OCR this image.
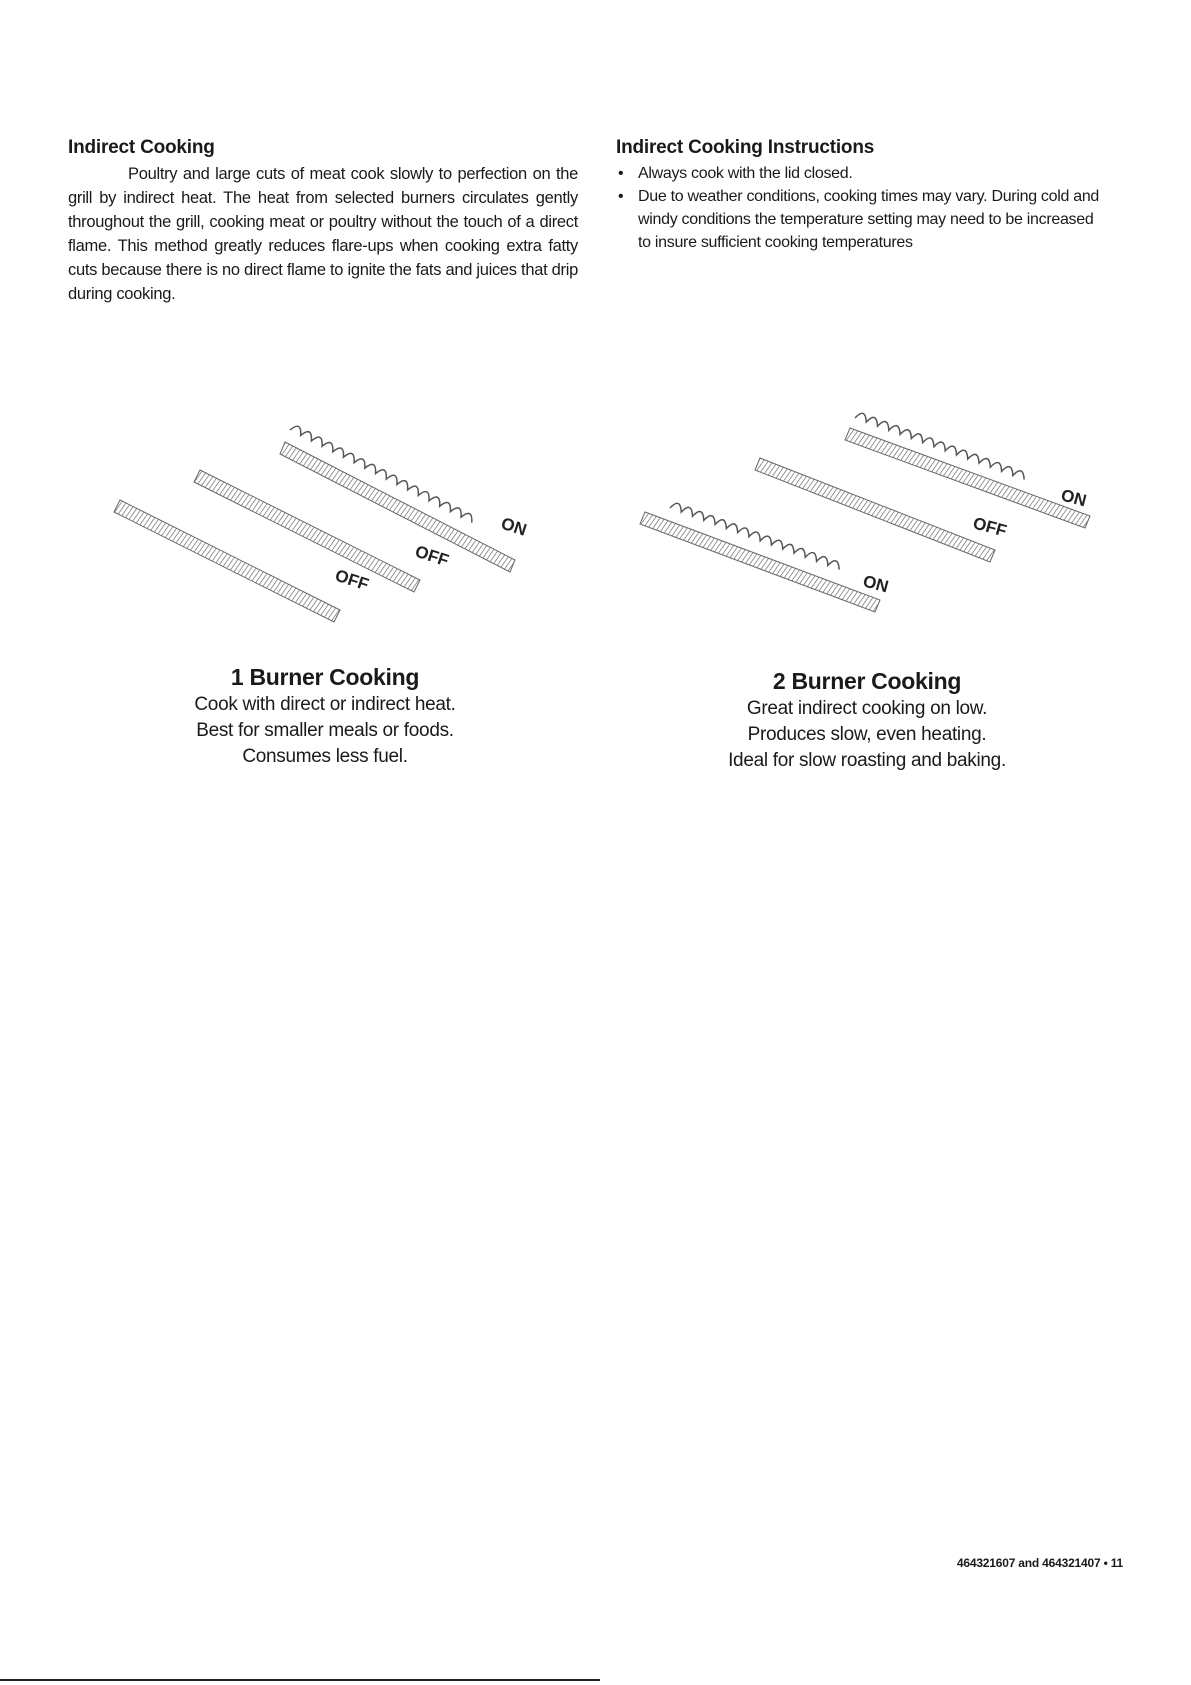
Indirect Cooking
Poultry and large cuts of meat cook slowly to perfection on the grill by indirect heat. The heat from selected burners circulates gently throughout the grill, cooking meat or poultry without the touch of a direct flame. This method greatly reduces flare-ups when cooking extra fatty cuts because there is no direct flame to ignite the fats and juices that drip during cooking.
Indirect Cooking Instructions
• Always cook with the lid closed.
• Due to weather conditions, cooking times may vary. During cold and windy conditions the temperature setting may need to be increased to insure sufficient cooking temperatures
ON
OFF
OFF
1 Burner Cooking
Cook with direct or indirect heat.
Best for smaller meals or foods.
Consumes less fuel.
ON
OFF
ON
2 Burner Cooking
Great indirect cooking on low.
Produces slow, even heating.
Ideal for slow roasting and baking.
464321607 and 464321407 • 11
